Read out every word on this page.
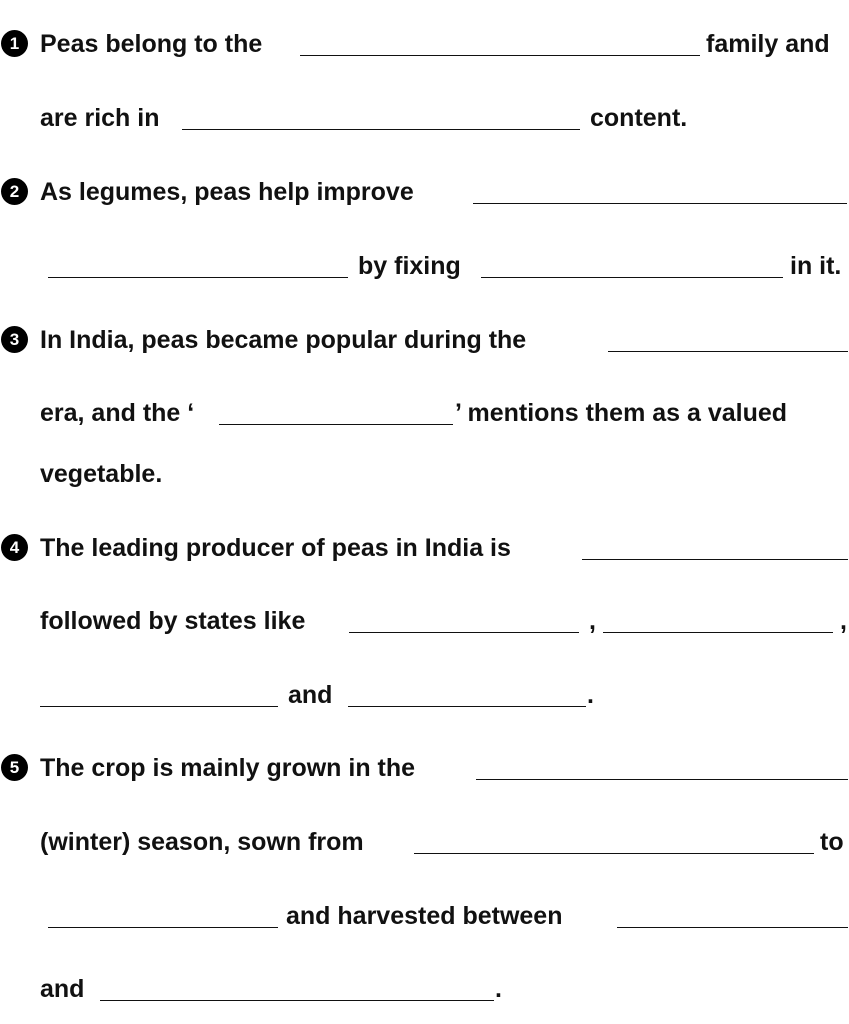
1 Peas belong to the	family and
are rich in	content.
2 As legumes, peas help improve
by fixing	in it.
3 In India, peas became popular during the
era, and the ‘	’ mentions them as a valued
vegetable.
4 The leading producer of peas in India is
followed by states like	,	,
and	.
5 The crop is mainly grown in the
(winter) season, sown from	to
and harvested between
and	.
